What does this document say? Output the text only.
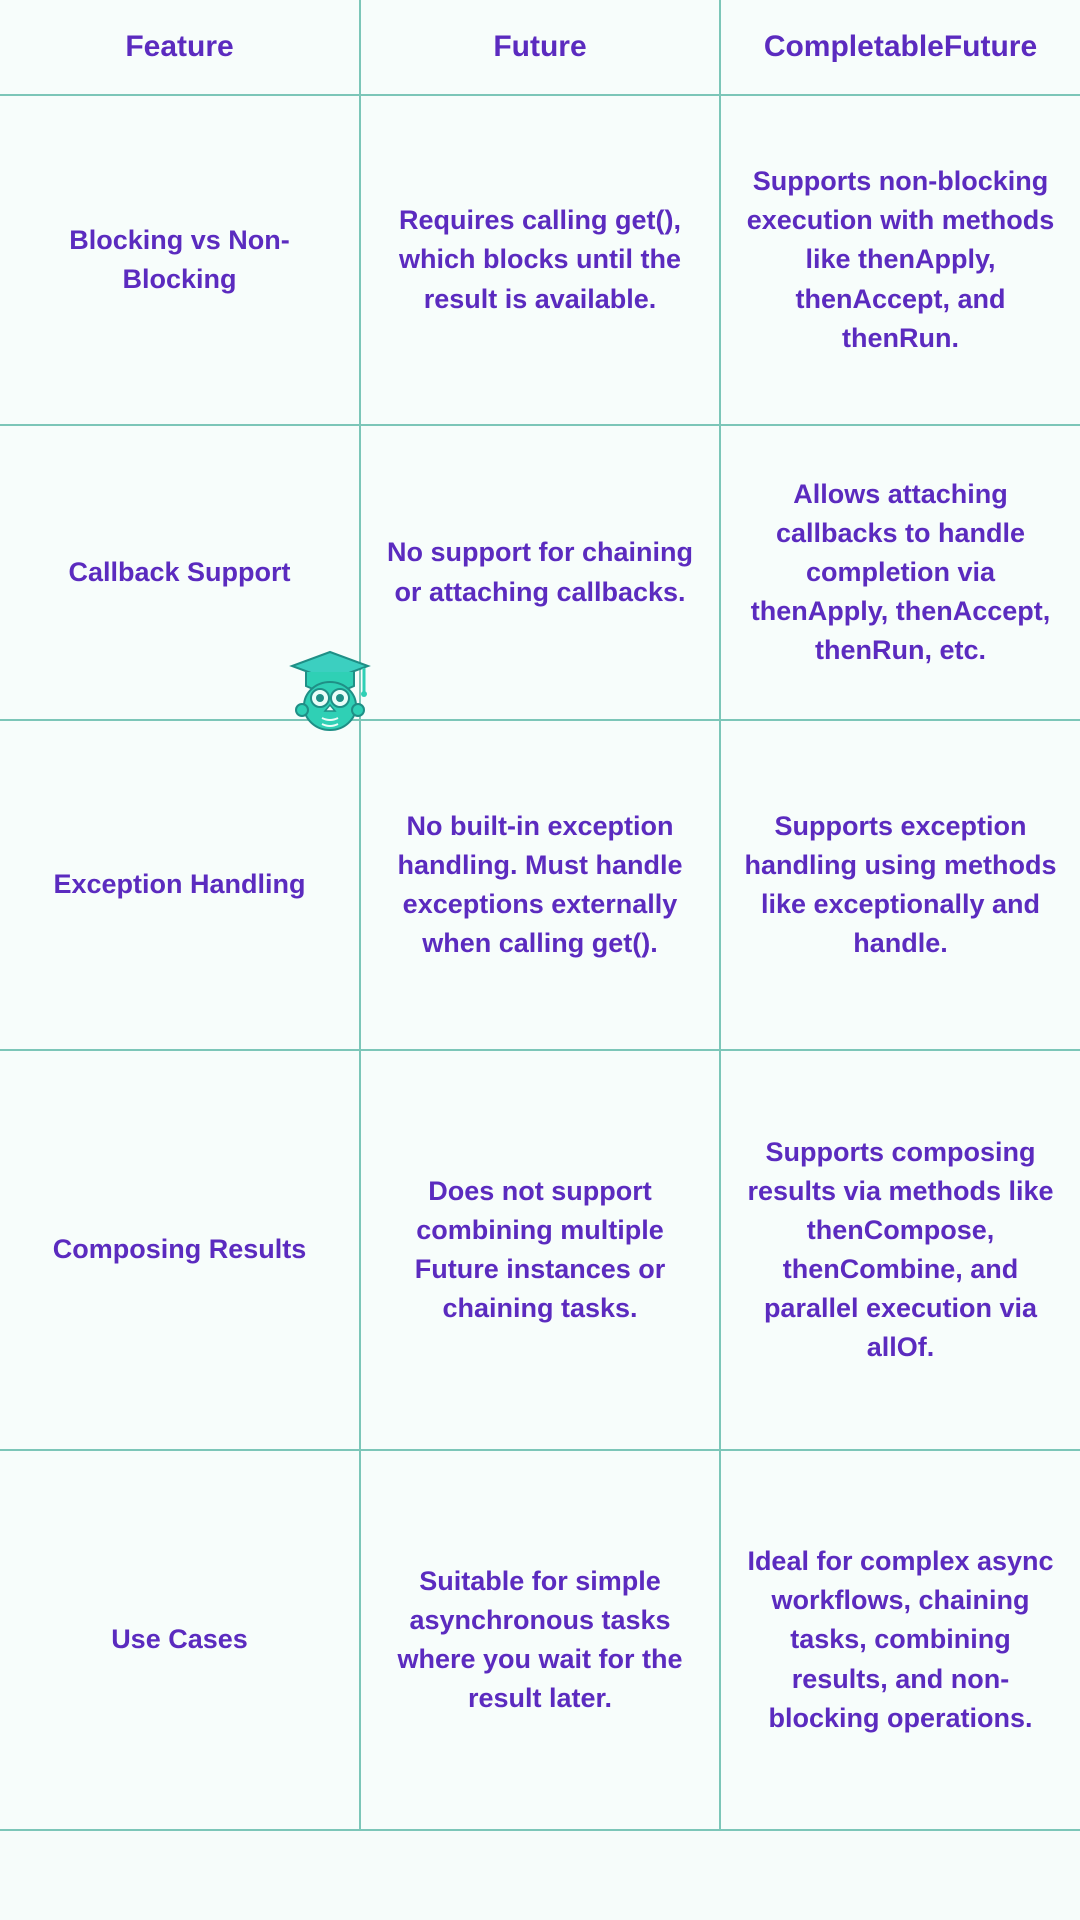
Feature	Future	CompletableFuture
Blocking vs Non-Blocking	Requires calling get(), which blocks until the result is available.	Supports non-blocking execution with methods like thenApply, thenAccept, and thenRun.
Callback Support	No support for chaining or attaching callbacks.	Allows attaching callbacks to handle completion via thenApply, thenAccept, thenRun, etc.
Exception Handling	No built-in exception handling. Must handle exceptions externally when calling get().	Supports exception handling using methods like exceptionally and handle.
Composing Results	Does not support combining multiple Future instances or chaining tasks.	Supports composing results via methods like thenCompose, thenCombine, and parallel execution via allOf.
Use Cases	Suitable for simple asynchronous tasks where you wait for the result later.	Ideal for complex async workflows, chaining tasks, combining results, and non-blocking operations.
